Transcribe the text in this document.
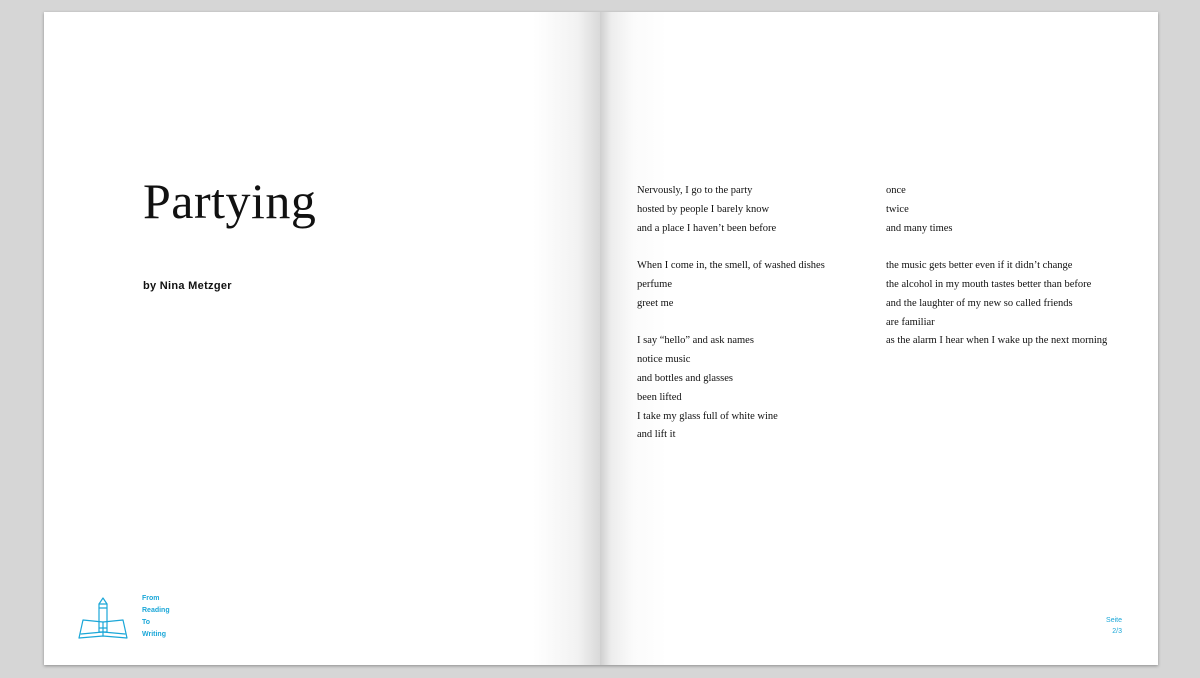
Partying
by Nina Metzger
From
Reading
To
Writing
Nervously, I go to the party
hosted by people I barely know
and a place I haven’t been before
When I come in, the smell, of washed dishes
perfume
greet me
I say “hello” and ask names
notice music
and bottles and glasses
been lifted
I take my glass full of white wine
and lift it
once
twice
and many times
the music gets better even if it didn’t change
the alcohol in my mouth tastes better than before
and the laughter of my new so called friends
are familiar
as the alarm I hear when I wake up the next morning
Seite
2/3
